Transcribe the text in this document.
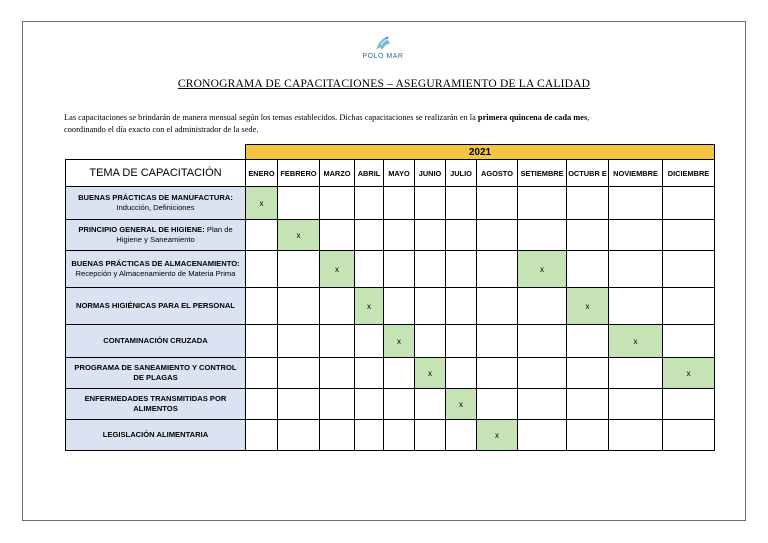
POLO MAR
CRONOGRAMA DE CAPACITACIONES – ASEGURAMIENTO DE LA CALIDAD
Las capacitaciones se brindarán de manera mensual según los temas establecidos. Dichas capacitaciones se realizarán en la primera quincena de cada mes,
coordinando el día exacto con el administrador de la sede.
	2021											
TEMA DE CAPACITACIÓN	ENERO	FEBRERO	MARZO	ABRIL	MAYO	JUNIO	JULIO	AGOSTO	SETIEMBRE	OCTUBR E	NOVIEMBRE	DICIEMBRE
BUENAS PRÁCTICAS DE MANUFACTURA: Inducción, Definiciones	x											
PRINCIPIO GENERAL DE HIGIENE: Plan de Higiene y Saneamiento		x										
BUENAS PRÁCTICAS DE ALMACENAMIENTO: Recepción y Almacenamiento de Materia Prima			x						x			
NORMAS HIGIÉNICAS PARA EL PERSONAL				x						x		
CONTAMINACIÓN CRUZADA					x						x	
PROGRAMA DE SANEAMIENTO Y CONTROL DE PLAGAS						x						x
ENFERMEDADES TRANSMITIDAS POR ALIMENTOS							x					
LEGISLACIÓN ALIMENTARIA								x				
